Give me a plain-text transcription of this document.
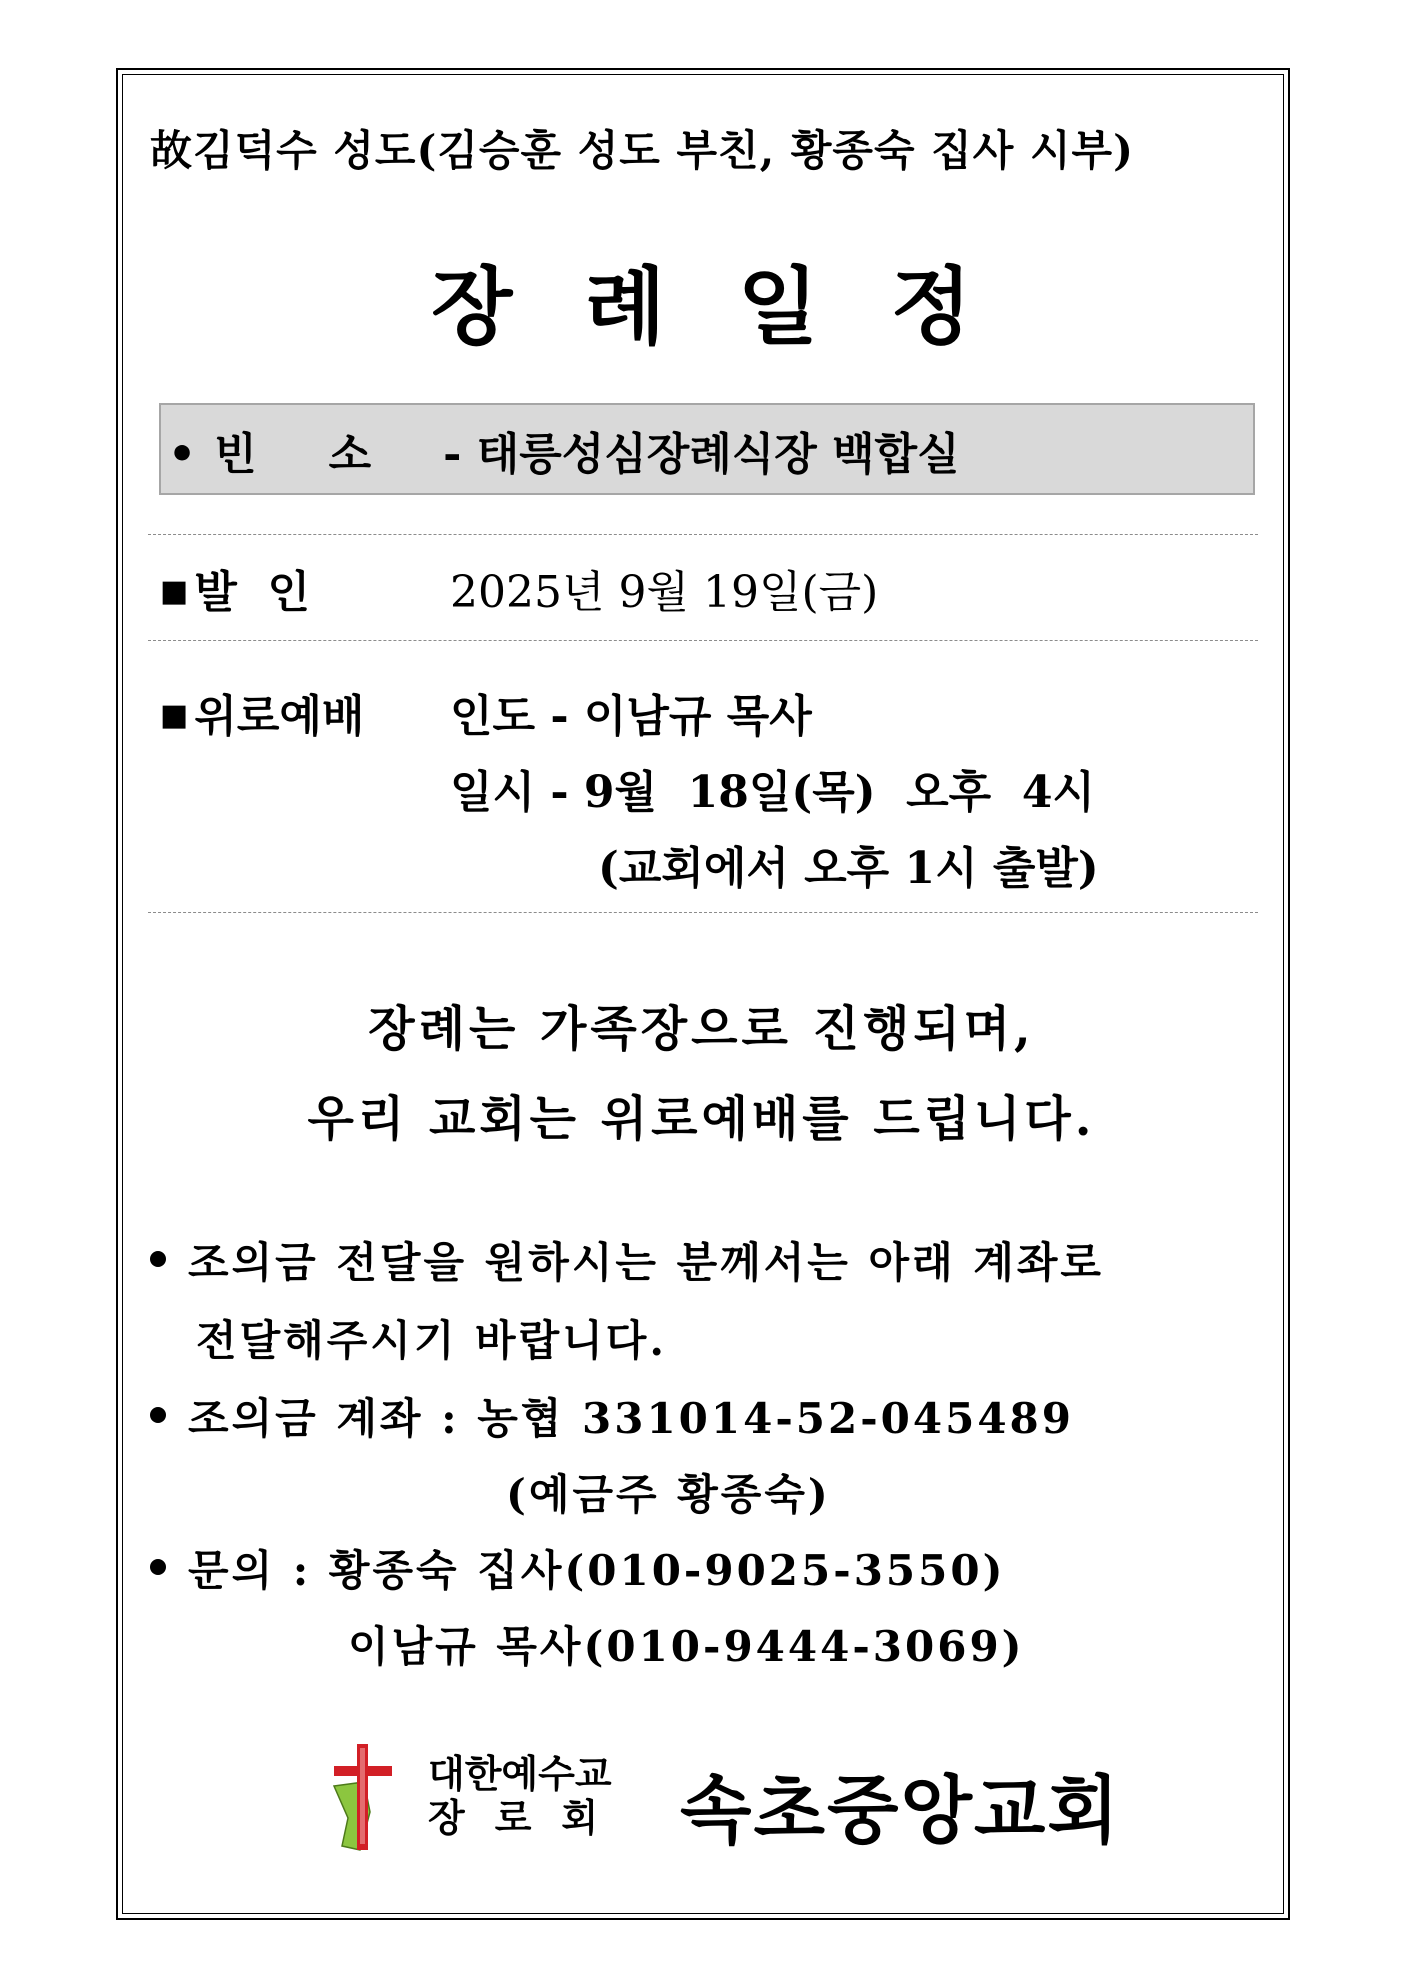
故김덕수 성도(김승훈 성도 부친, 황종숙 집사 시부)
장례일정
• 빈소- 태릉성심장례식장 백합실
■ 발  인	2025년 9월 19일(금)
■ 위로예배 인도 - 이남규 목사
일시 - 9월  18일(목)  오후  4시
(교회에서 오후 1시 출발)
장례는 가족장으로 진행되며,
우리 교회는 위로예배를 드립니다.
조의금 전달을 원하시는 분께서는 아래 계좌로
전달해주시기 바랍니다.
조의금 계좌 : 농협 331014-52-045489
(예금주 황종숙)
문의 : 황종숙 집사(010-9025-3550)
이남규 목사(010-9444-3069)
대한예수교
장로회 속초중앙교회
